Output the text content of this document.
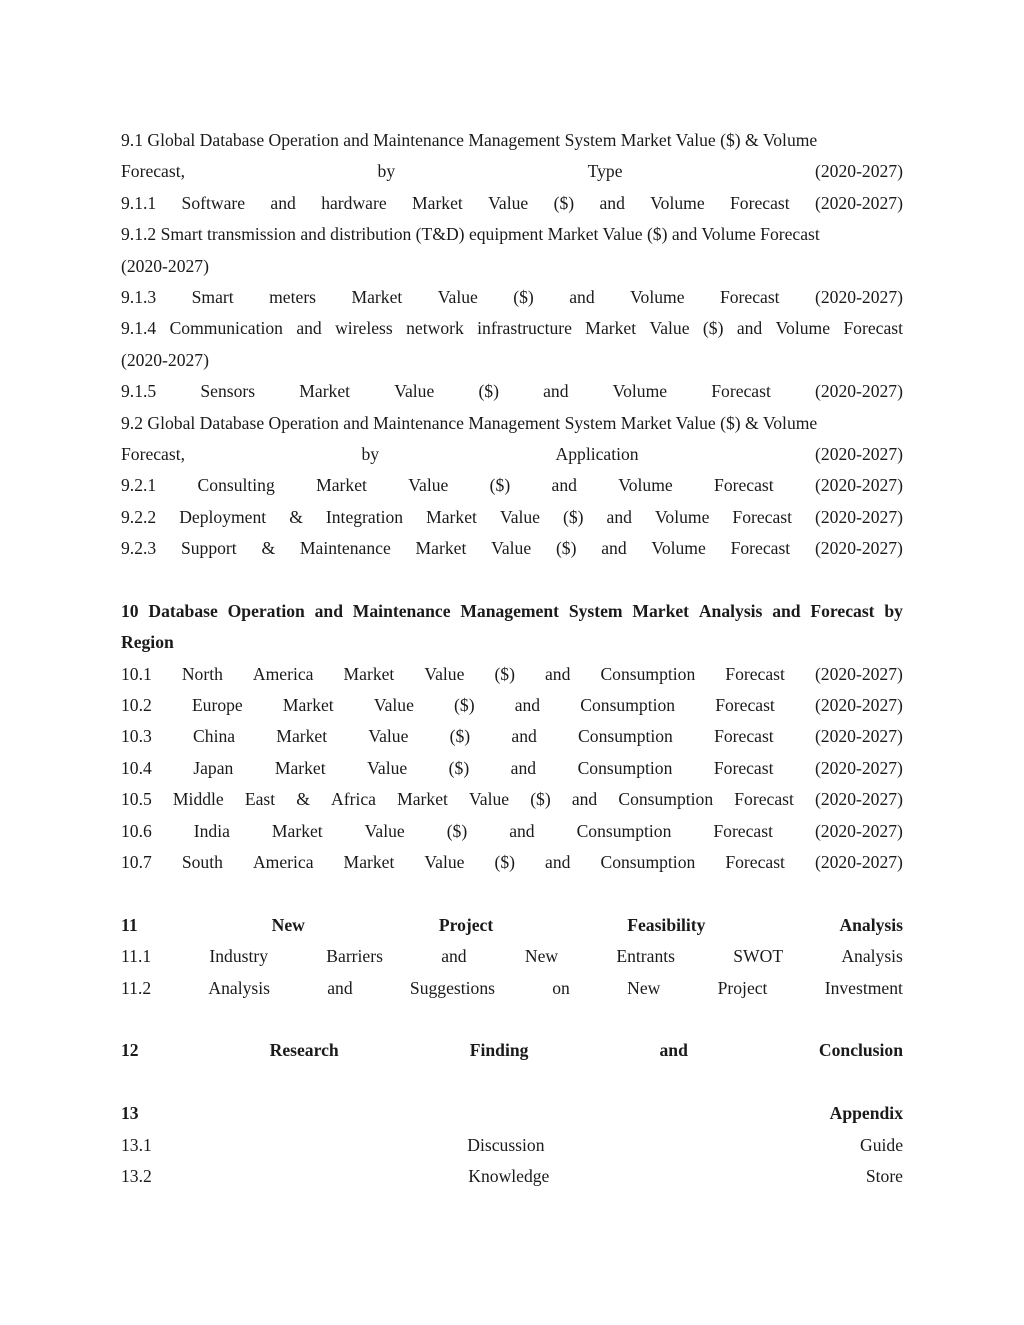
9.1 Global Database Operation and Maintenance Management System Market Value ($) & Volume
Forecast,	by	Type	(2020-2027)
9.1.1 Software and hardware Market Value ($) and Volume Forecast (2020-2027)
9.1.2 Smart transmission and distribution (T&D) equipment Market Value ($) and Volume Forecast
(2020-2027)
9.1.3 Smart meters Market Value ($) and Volume Forecast (2020-2027)
9.1.4 Communication and wireless network infrastructure Market Value ($) and Volume Forecast
(2020-2027)
9.1.5	Sensors	Market	Value	($)	and	Volume	Forecast	(2020-2027)
9.2 Global Database Operation and Maintenance Management System Market Value ($) & Volume
Forecast,	by	Application	(2020-2027)
9.2.1 Consulting Market Value ($) and Volume Forecast (2020-2027)
9.2.2 Deployment & Integration Market Value ($) and Volume Forecast (2020-2027)
9.2.3 Support & Maintenance Market Value ($) and Volume Forecast (2020-2027)
10 Database Operation and Maintenance Management System Market Analysis and Forecast by
Region
10.1 North America Market Value ($) and Consumption Forecast (2020-2027)
10.2 Europe Market Value ($) and Consumption Forecast (2020-2027)
10.3 China Market Value ($) and Consumption Forecast (2020-2027)
10.4 Japan Market Value ($) and Consumption Forecast (2020-2027)
10.5 Middle East & Africa Market Value ($) and Consumption Forecast (2020-2027)
10.6 India Market Value ($) and Consumption Forecast (2020-2027)
10.7 South America Market Value ($) and Consumption Forecast (2020-2027)
11	New	Project	Feasibility	Analysis
11.1	Industry	Barriers	and	New	Entrants	SWOT	Analysis
11.2	Analysis	and	Suggestions	on	New	Project	Investment
12	Research	Finding	and	Conclusion
13	Appendix
13.1	Discussion	Guide
13.2	Knowledge	Store
